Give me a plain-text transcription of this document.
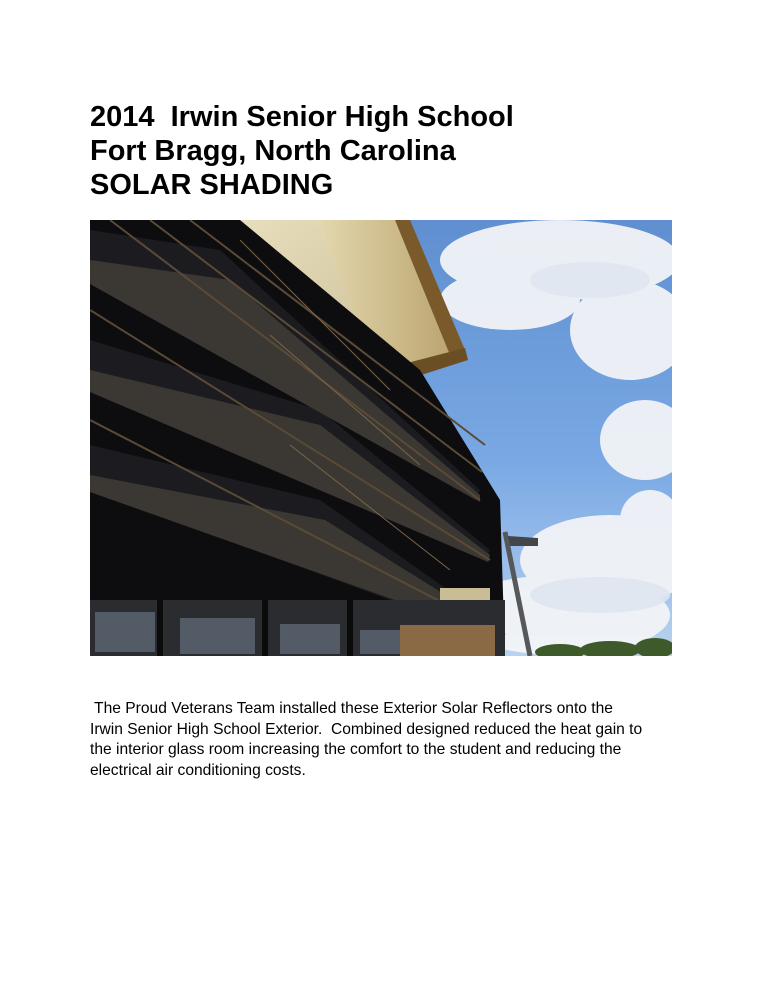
2014  Irwin Senior High School
Fort Bragg, North Carolina
SOLAR SHADING
The Proud Veterans Team installed these Exterior Solar Reflectors onto the
Irwin Senior High School Exterior.  Combined designed reduced the heat gain to
the interior glass room increasing the comfort to the student and reducing the
electrical air conditioning costs.
